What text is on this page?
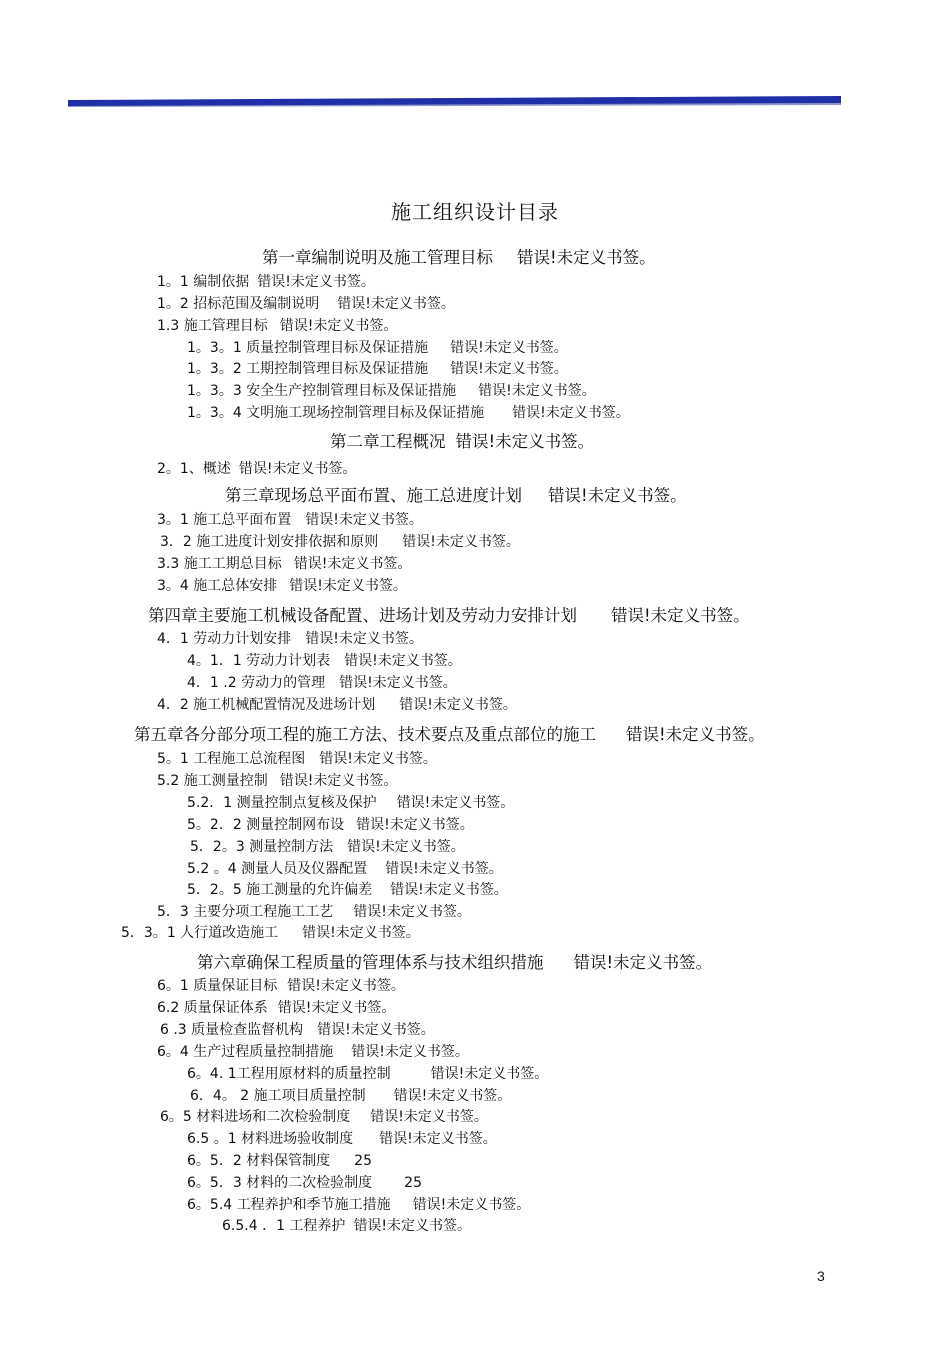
施工组织设计目录
第一章编制说明及施工管理目标 错误!未定义书签。
1。1 编制依据 错误!未定义书签。
1。2 招标范围及编制说明 错误!未定义书签。
1.3 施工管理目标 错误!未定义书签。
1。3。1 质量控制管理目标及保证措施 错误!未定义书签。
1。3。2 工期控制管理目标及保证措施 错误!未定义书签。
1。3。3 安全生产控制管理目标及保证措施 错误!未定义书签。
1。3。4 文明施工现场控制管理目标及保证措施 错误!未定义书签。
第二章工程概况 错误!未定义书签。
2。1、概述 错误!未定义书签。
第三章现场总平面布置、施工总进度计划 错误!未定义书签。
3。1 施工总平面布置 错误!未定义书签。
3．2 施工进度计划安排依据和原则 错误!未定义书签。
3.3 施工工期总目标 错误!未定义书签。
3。4 施工总体安排 错误!未定义书签。
第四章主要施工机械设备配置、进场计划及劳动力安排计划 错误!未定义书签。
4．1 劳动力计划安排 错误!未定义书签。
4。1．1 劳动力计划表 错误!未定义书签。
4．1 .2 劳动力的管理 错误!未定义书签。
4．2 施工机械配置情况及进场计划 错误!未定义书签。
第五章各分部分项工程的施工方法、技术要点及重点部位的施工 错误!未定义书签。
5。1 工程施工总流程图 错误!未定义书签。
5.2 施工测量控制 错误!未定义书签。
5.2．1 测量控制点复核及保护 错误!未定义书签。
5。2．2 测量控制网布设 错误!未定义书签。
5．2。3 测量控制方法 错误!未定义书签。
5.2 。4 测量人员及仪器配置 错误!未定义书签。
5．2。5 施工测量的允许偏差 错误!未定义书签。
5．3 主要分项工程施工工艺 错误!未定义书签。
5．3。1 人行道改造施工 错误!未定义书签。
第六章确保工程质量的管理体系与技术组织措施 错误!未定义书签。
6。1 质量保证目标 错误!未定义书签。
6.2 质量保证体系 错误!未定义书签。
6 .3 质量检查监督机构 错误!未定义书签。
6。4 生产过程质量控制措施 错误!未定义书签。
6。4. 1工程用原材料的质量控制	错误!未定义书签。
6．4。 2 施工项目质量控制 错误!未定义书签。
6。5 材料进场和二次检验制度 错误!未定义书签。
6.5 。1 材料进场验收制度 错误!未定义书签。
6。5．2 材料保管制度 25
6。5．3 材料的二次检验制度 25
6。5.4 工程养护和季节施工措施 错误!未定义书签。
6.5.4 ．1 工程养护 错误!未定义书签。
3
